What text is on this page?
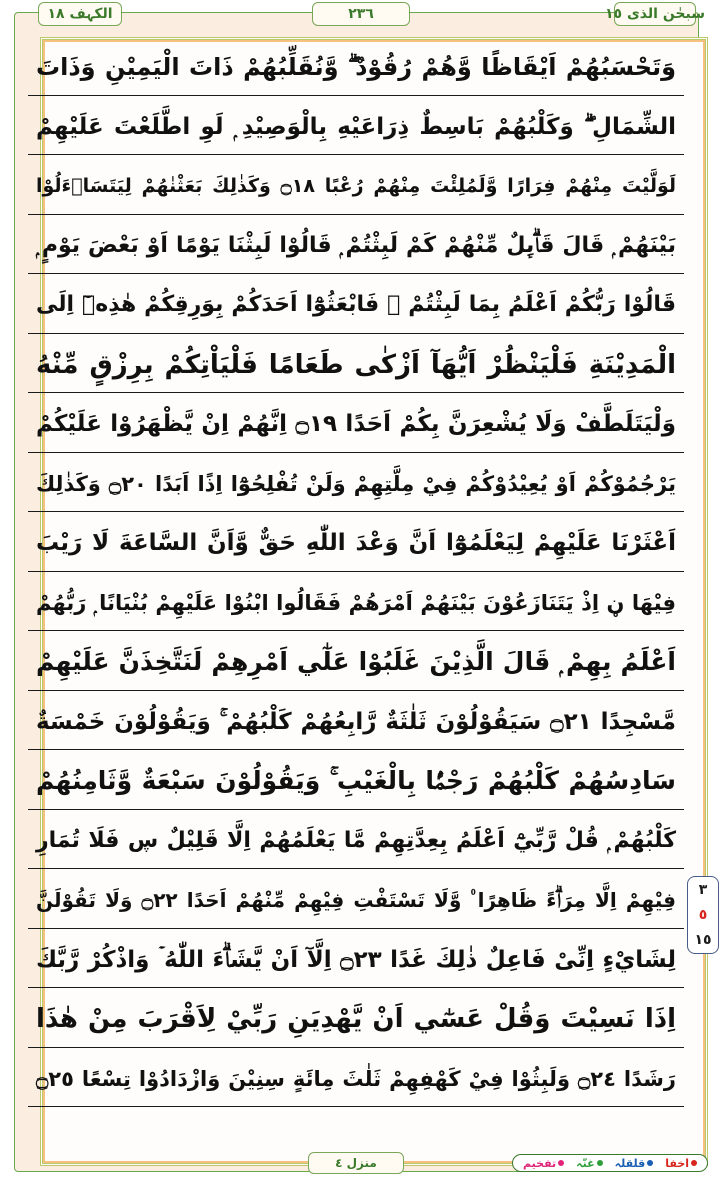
سبحٰن الذی ١٥
٢٣٦
الکہف ١٨
وَتَحْسَبُهُمْ اَيْقَاظًا وَّهُمْ رُقُوْدٌ ۖۗ وَّنُقَلِّبُهُمْ ذَاتَ الْيَمِيْنِ وَذَاتَ
الشِّمَالِ ۖۗ وَكَلْبُهُمْ بَاسِطٌ ذِرَاعَيْهِ بِالْوَصِيْدِ ۭ لَوِ اطَّلَعْتَ عَلَيْهِمْ
لَوَلَّيْتَ مِنْهُمْ فِرَارًا وَّلَمُلِئْتَ مِنْهُمْ رُعْبًا ۝١٨ وَكَذٰلِكَ بَعَثْنٰهُمْ لِيَتَسَاۗءَلُوْا
بَيْنَهُمْ ۭ قَالَ قَاۗىِٕلٌ مِّنْهُمْ كَمْ لَبِثْتُمْ ۭ قَالُوْا لَبِثْنَا يَوْمًا اَوْ بَعْضَ يَوْمٍ ۭ
قَالُوْا رَبُّكُمْ اَعْلَمُ بِمَا لَبِثْتُمْ ۭ فَابْعَثُوْٓا اَحَدَكُمْ بِوَرِقِكُمْ هٰذِهٖٓ اِلَى
الْمَدِيْنَةِ فَلْيَنْظُرْ اَيُّهَآ اَزْكٰى طَعَامًا فَلْيَاْتِكُمْ بِرِزْقٍ مِّنْهُ
وَلْيَتَلَطَّفْ وَلَا يُشْعِرَنَّ بِكُمْ اَحَدًا ۝١٩ اِنَّهُمْ اِنْ يَّظْهَرُوْا عَلَيْكُمْ
يَرْجُمُوْكُمْ اَوْ يُعِيْدُوْكُمْ فِيْ مِلَّتِهِمْ وَلَنْ تُفْلِحُوْٓا اِذًا اَبَدًا ۝٢٠ وَكَذٰلِكَ
اَعْثَرْنَا عَلَيْهِمْ لِيَعْلَمُوْٓا اَنَّ وَعْدَ اللّٰهِ حَقٌّ وَّاَنَّ السَّاعَةَ لَا رَيْبَ
فِيْهَا ڼ اِذْ يَتَنَازَعُوْنَ بَيْنَهُمْ اَمْرَهُمْ فَقَالُوا ابْنُوْا عَلَيْهِمْ بُنْيَانًا ۭ رَبُّهُمْ
اَعْلَمُ بِهِمْ ۭ قَالَ الَّذِيْنَ غَلَبُوْا عَلٰٓي اَمْرِهِمْ لَنَتَّخِذَنَّ عَلَيْهِمْ
مَّسْجِدًا ۝٢١ سَيَقُوْلُوْنَ ثَلٰثَةٌ رَّابِعُهُمْ كَلْبُهُمْ ۚ وَيَقُوْلُوْنَ خَمْسَةٌ
سَادِسُهُمْ كَلْبُهُمْ رَجْمًۢا بِالْغَيْبِ ۚ وَيَقُوْلُوْنَ سَبْعَةٌ وَّثَامِنُهُمْ
كَلْبُهُمْ ۭ قُلْ رَّبِّيْٓ اَعْلَمُ بِعِدَّتِهِمْ مَّا يَعْلَمُهُمْ اِلَّا قَلِيْلٌ ڛ فَلَا تُمَارِ
فِيْهِمْ اِلَّا مِرَاۗءً ظَاهِرًا ۠ وَّلَا تَسْتَفْتِ فِيْهِمْ مِّنْهُمْ اَحَدًا ۝٢٢ وَلَا تَقُوْلَنَّ
لِشَايْءٍ اِنِّىْ فَاعِلٌ ذٰلِكَ غَدًا ۝٢٣ اِلَّآ اَنْ يَّشَاۗءَ اللّٰهُ ۡ وَاذْكُرْ رَّبَّكَ
اِذَا نَسِيْتَ وَقُلْ عَسٰٓي اَنْ يَّهْدِيَنِ رَبِّيْ لِاَقْرَبَ مِنْ هٰذَا
رَشَدًا ۝٢٤ وَلَبِثُوْا فِيْ كَهْفِهِمْ ثَلٰثَ مِائَةٍ سِنِيْنَ وَازْدَادُوْا تِسْعًا ۝٢٥
٣
٥
١٥
منزل ٤	اخفا
قلقلہ
غنّہ
تفخیم
